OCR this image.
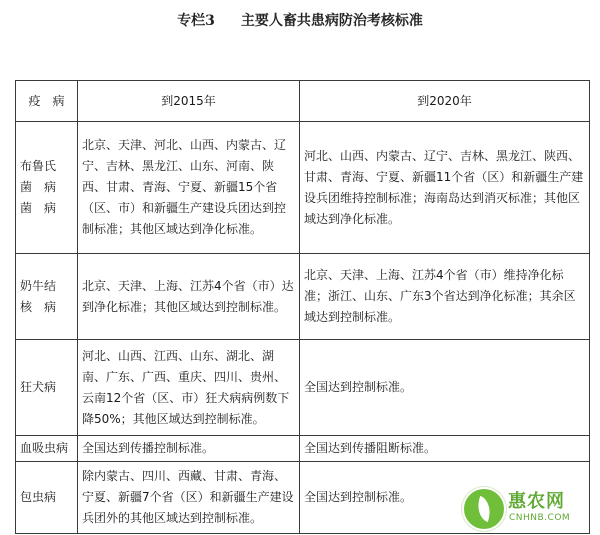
专栏3 主要人畜共患病防治考核标准
疫　病	到2015年	到2020年

布鲁氏
菌　病
菌　病	北京、天津、河北、山西、内蒙古、辽宁、吉林、黑龙江、山东、河南、陕西、甘肃、青海、宁夏、新疆15个省（区、市）和新疆生产建设兵团达到控制标准；其他区域达到净化标准。	河北、山西、内蒙古、辽宁、吉林、黑龙江、陕西、甘肃、青海、宁夏、新疆11个省（区）和新疆生产建设兵团维持控制标准；海南岛达到消灭标准；其他区域达到净化标准。

奶牛结
核　病	北京、天津、上海、江苏4个省（市）达到净化标准；其他区域达到控制标准。	北京、天津、上海、江苏4个省（市）维持净化标准；浙江、山东、广东3个省达到净化标准；其余区域达到控制标准。

狂犬病	河北、山西、江西、山东、湖北、湖南、广东、广西、重庆、四川、贵州、云南12个省（区、市）狂犬病病例数下降50%；其他区域达到控制标准。	全国达到控制标准。

血吸虫病	全国达到传播控制标准。	全国达到传播阻断标准。

包虫病	除内蒙古、四川、西藏、甘肃、青海、宁夏、新疆7个省（区）和新疆生产建设兵团外的其他区域达到控制标准。	全国达到控制标准。	惠农网
CNHNB.COM
